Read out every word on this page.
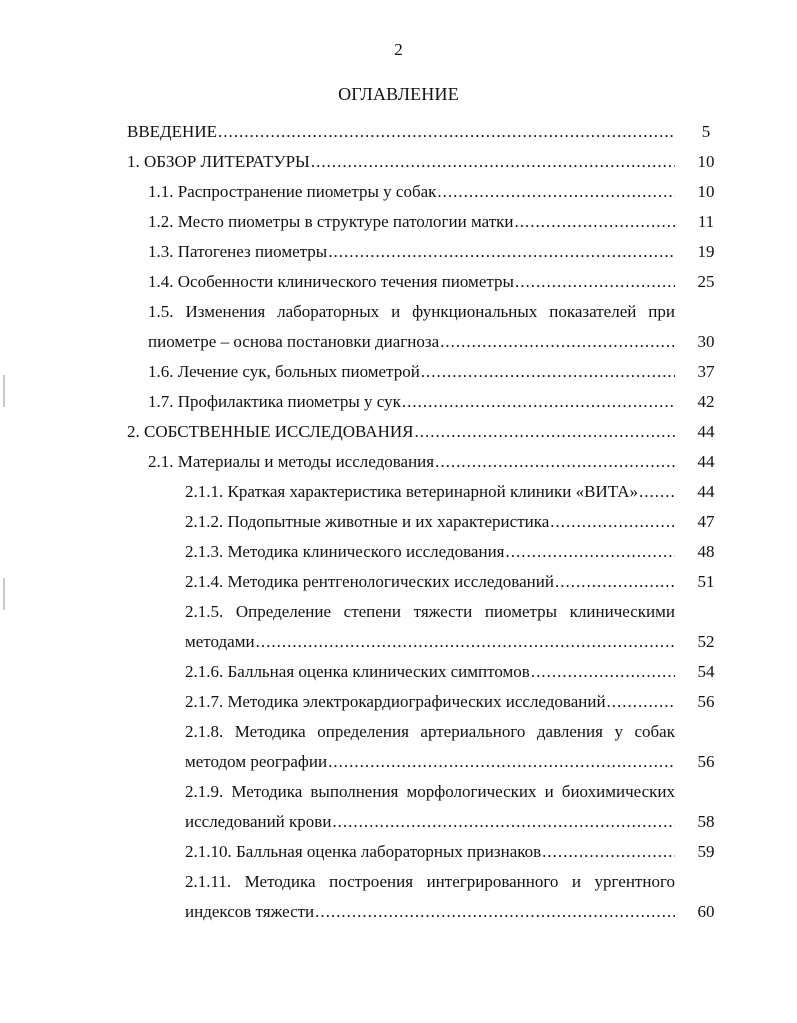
2
ОГЛАВЛЕНИЕ
ВВЕДЕНИЕ .....	5
1. ОБЗОР ЛИТЕРАТУРЫ .....	10
1.1. Распространение пиометры у собак .....	10
1.2. Место пиометры в структуре патологии матки .....	11
1.3. Патогенез пиометры .....	19
1.4. Особенности клинического течения пиометры .....	25
1.5. Изменения лабораторных и функциональных показателей при
пиометре – основа постановки диагноза .....	30
1.6. Лечение сук, больных пиометрой .....	37
1.7. Профилактика пиометры у сук .....	42
2. СОБСТВЕННЫЕ ИССЛЕДОВАНИЯ .....	44
2.1. Материалы и методы исследования .....	44
2.1.1. Краткая характеристика ветеринарной клиники «ВИТА» .....	44
2.1.2. Подопытные животные и их характеристика .....	47
2.1.3. Методика клинического исследования .....	48
2.1.4. Методика рентгенологических исследований .....	51
2.1.5. Определение степени тяжести пиометры клиническими
методами .....	52
2.1.6. Балльная оценка клинических симптомов .....	54
2.1.7. Методика электрокардиографических исследований .....	56
2.1.8. Методика определения артериального давления у собак
методом реографии .....	56
2.1.9. Методика выполнения морфологических и биохимических
исследований крови .....	58
2.1.10. Балльная оценка лабораторных признаков .....	59
2.1.11. Методика построения интегрированного и ургентного
индексов тяжести .....	60
